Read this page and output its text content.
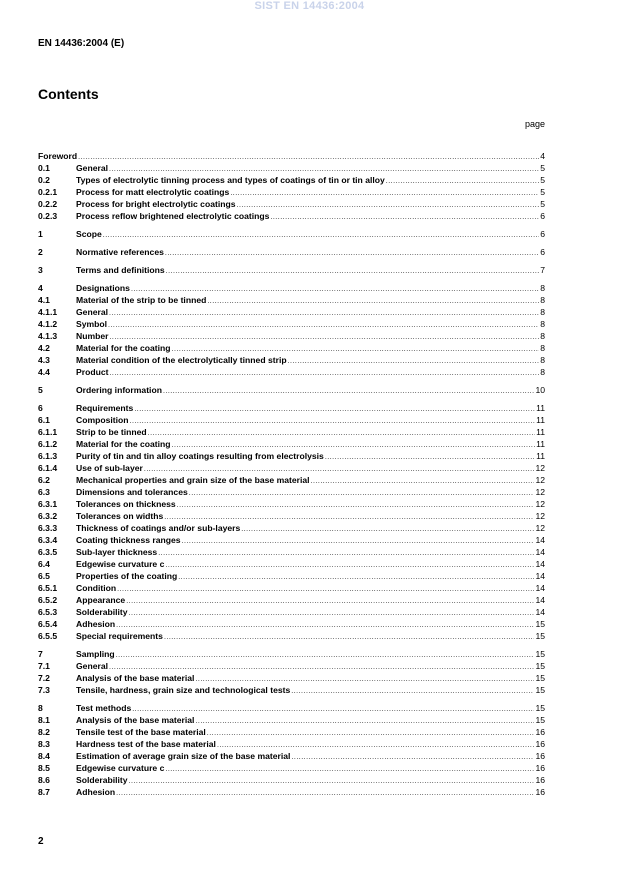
SIST EN 14436:2004
EN 14436:2004 (E)
Contents
page
Foreword .....	4
0.1	General .....	5
0.2	Types of electrolytic tinning process and types of coatings of tin or tin alloy .....	5
0.2.1	Process for matt electrolytic coatings .....	5
0.2.2	Process for bright electrolytic coatings .....	5
0.2.3	Process reflow brightened electrolytic coatings .....	6
1	Scope .....	6
2	Normative references .....	6
3	Terms and definitions .....	7
4	Designations .....	8
4.1	Material of the strip to be tinned .....	8
4.1.1	General .....	8
4.1.2	Symbol .....	8
4.1.3	Number .....	8
4.2	Material for the coating .....	8
4.3	Material condition of the electrolytically tinned strip .....	8
4.4	Product .....	8
5	Ordering information .....	10
6	Requirements .....	11
6.1	Composition .....	11
6.1.1	Strip to be tinned .....	11
6.1.2	Material for the coating .....	11
6.1.3	Purity of tin and tin alloy coatings resulting from electrolysis .....	11
6.1.4	Use of sub-layer .....	12
6.2	Mechanical properties and grain size of the base material .....	12
6.3	Dimensions and tolerances .....	12
6.3.1	Tolerances on thickness .....	12
6.3.2	Tolerances on widths .....	12
6.3.3	Thickness of coatings and/or sub-layers .....	12
6.3.4	Coating thickness ranges .....	14
6.3.5	Sub-layer thickness .....	14
6.4	Edgewise curvature c .....	14
6.5	Properties of the coating .....	14
6.5.1	Condition .....	14
6.5.2	Appearance .....	14
6.5.3	Solderability .....	14
6.5.4	Adhesion .....	15
6.5.5	Special requirements .....	15
7	Sampling .....	15
7.1	General .....	15
7.2	Analysis of the base material .....	15
7.3	Tensile, hardness, grain size and technological tests .....	15
8	Test methods .....	15
8.1	Analysis of the base material .....	15
8.2	Tensile test of the base material .....	16
8.3	Hardness test of the base material .....	16
8.4	Estimation of average grain size of the base material .....	16
8.5	Edgewise curvature c .....	16
8.6	Solderability .....	16
8.7	Adhesion .....	16
2
